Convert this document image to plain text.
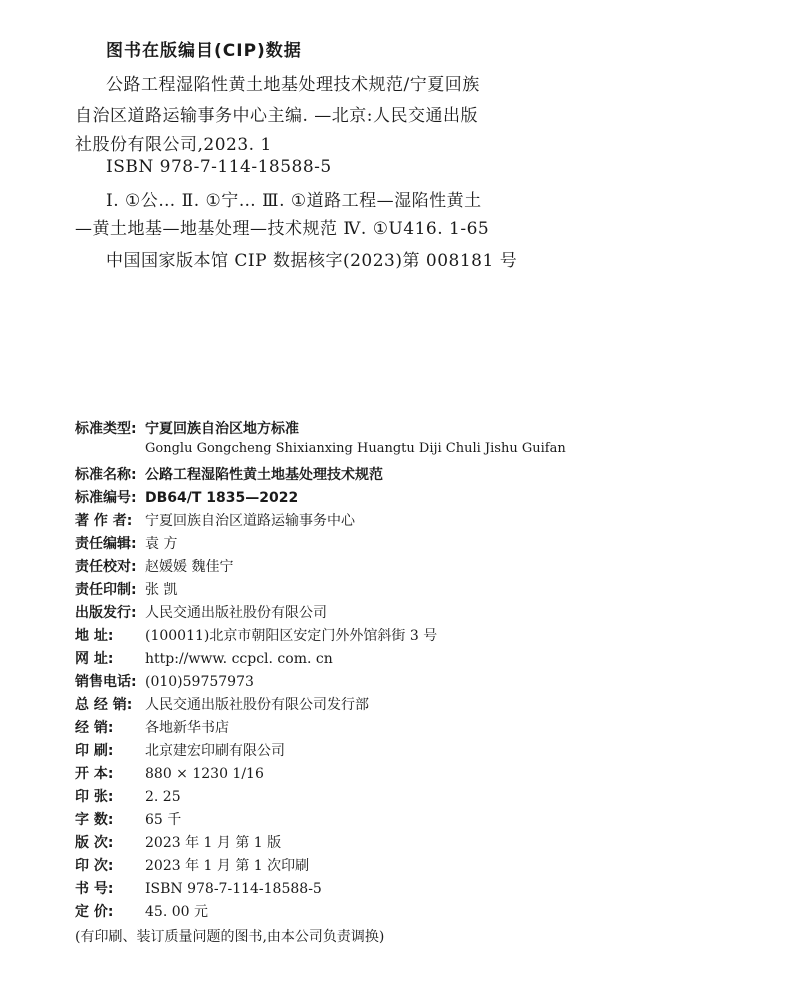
图书在版编目(CIP)数据
公路工程湿陷性黄土地基处理技术规范/宁夏回族
自治区道路运输事务中心主编. —北京:人民交通出版
社股份有限公司,2023. 1
ISBN 978-7-114-18588-5
Ⅰ. ①公… Ⅱ. ①宁… Ⅲ. ①道路工程—湿陷性黄土
—黄土地基—地基处理—技术规范 Ⅳ. ①U416. 1-65
中国国家版本馆 CIP 数据核字(2023)第 008181 号
标准类型: 宁夏回族自治区地方标准
Gonglu Gongcheng Shixianxing Huangtu Diji Chuli Jishu Guifan
标准名称: 公路工程湿陷性黄土地基处理技术规范
标准编号: DB64/T 1835—2022
著 作 者: 宁夏回族自治区道路运输事务中心
责任编辑: 袁 方
责任校对: 赵媛媛 魏佳宁
责任印制: 张 凯
出版发行: 人民交通出版社股份有限公司
地 址:	(100011)北京市朝阳区安定门外外馆斜街 3 号
网 址:	http://www. ccpcl. com. cn
销售电话: (010)59757973
总 经 销: 人民交通出版社股份有限公司发行部
经 销:	各地新华书店
印 刷:	北京建宏印刷有限公司
开 本:	880 × 1230 1/16
印 张:	2. 25
字 数:	65 千
版 次:	2023 年 1 月 第 1 版
印 次:	2023 年 1 月 第 1 次印刷
书 号:	ISBN 978-7-114-18588-5
定 价:	45. 00 元
(有印刷、装订质量问题的图书,由本公司负责调换)
